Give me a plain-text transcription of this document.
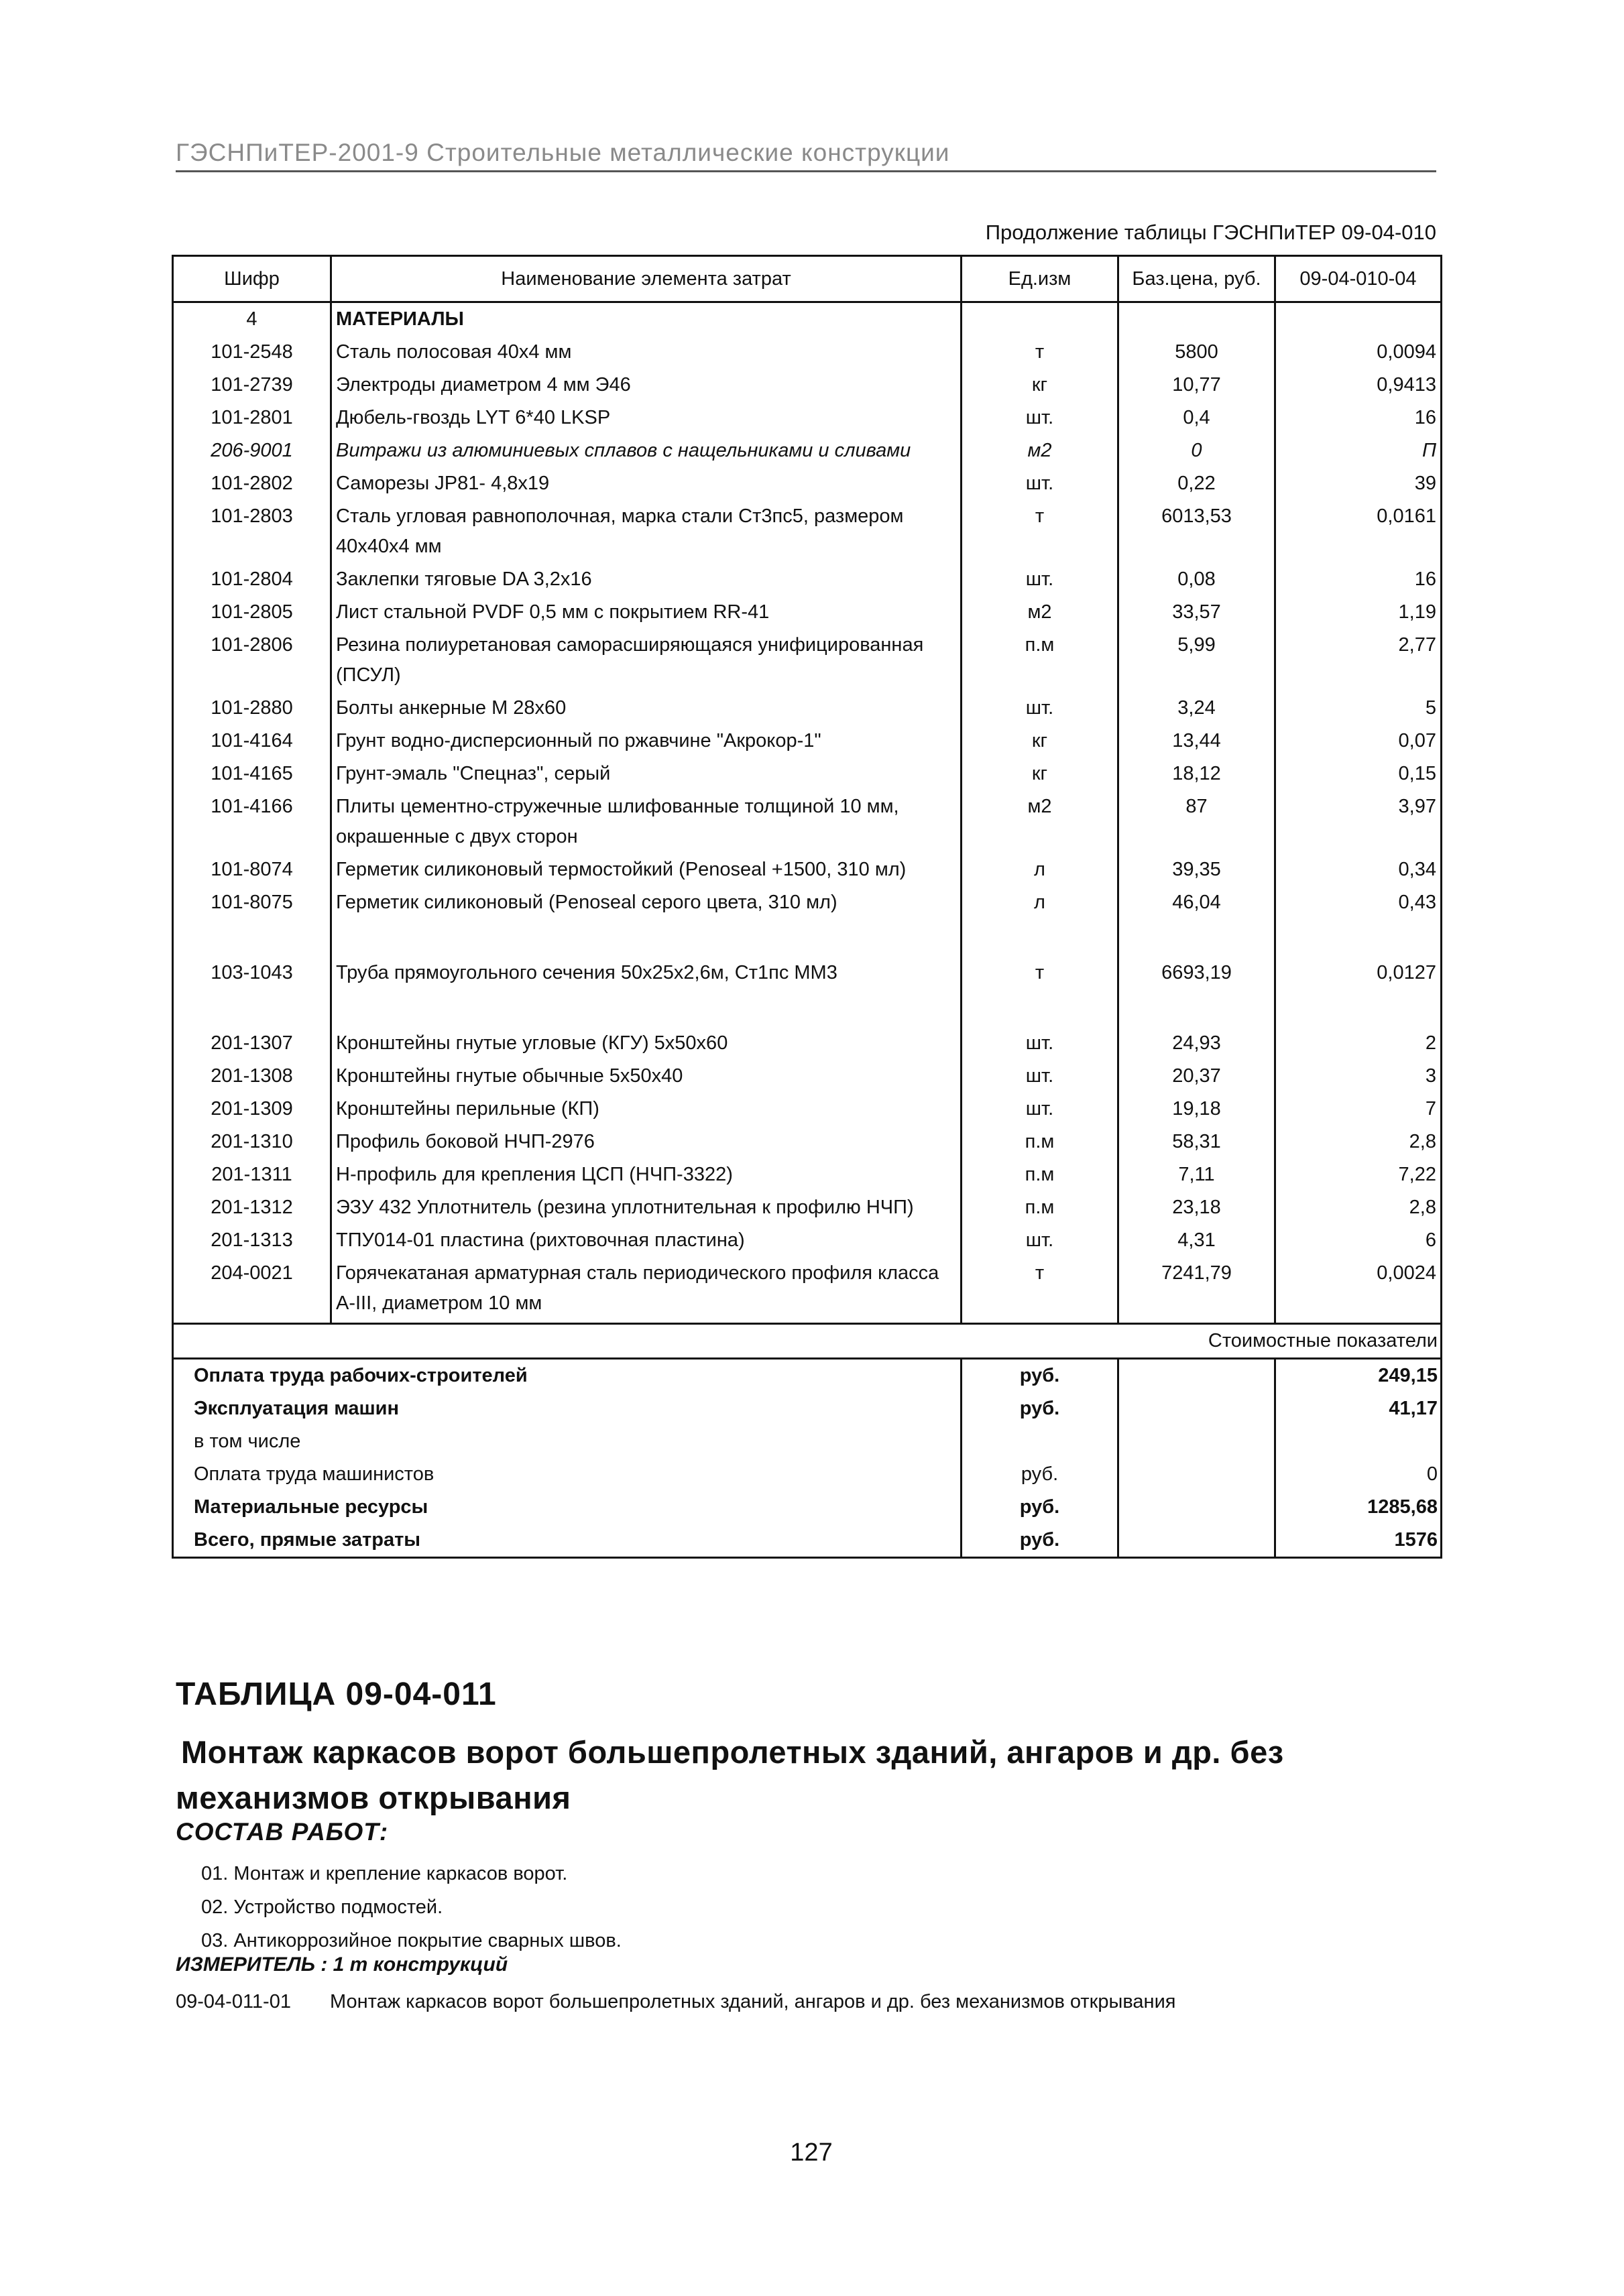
ГЭСНПиТЕР-2001-9 Строительные металлические конструкции
Продолжение таблицы ГЭСНПиТЕР 09-04-010
Шифр	Наименование элемента затрат	Ед.изм	Баз.цена, руб.	09-04-010-04
4	МАТЕРИАЛЫ			
101-2548	Сталь полосовая 40х4 мм	т	5800	0,0094
101-2739	Электроды диаметром 4 мм Э46	кг	10,77	0,9413
101-2801	Дюбель-гвоздь LYT 6*40 LKSP	шт.	0,4	16
206-9001	Витражи из алюминиевых сплавов с нащельниками и сливами	м2	0	П
101-2802	Саморезы JP81- 4,8х19	шт.	0,22	39
101-2803	Сталь угловая равнополочная, марка стали Ст3пс5, размером 40х40х4 мм	т	6013,53	0,0161
101-2804	Заклепки тяговые DA 3,2х16	шт.	0,08	16
101-2805	Лист стальной PVDF 0,5 мм с покрытием RR-41	м2	33,57	1,19
101-2806	Резина полиуретановая саморасширяющаяся унифицированная (ПСУЛ)	п.м	5,99	2,77
101-2880	Болты анкерные М 28х60	шт.	3,24	5
101-4164	Грунт водно-дисперсионный по ржавчине "Акрокор-1"	кг	13,44	0,07
101-4165	Грунт-эмаль "Спецназ", серый	кг	18,12	0,15
101-4166	Плиты цементно-стружечные шлифованные толщиной 10 мм, окрашенные с двух сторон	м2	87	3,97
101-8074	Герметик силиконовый термостойкий (Penoseal +1500, 310 мл)	л	39,35	0,34
101-8075	Герметик силиконовый (Penoseal серого цвета, 310 мл)	л	46,04	0,43

103-1043	Труба прямоугольного сечения 50х25х2,6м, Ст1пс ММ3	т	6693,19	0,0127

201-1307	Кронштейны гнутые угловые (КГУ) 5х50х60	шт.	24,93	2
201-1308	Кронштейны гнутые обычные 5х50х40	шт.	20,37	3
201-1309	Кронштейны перильные (КП)	шт.	19,18	7
201-1310	Профиль боковой НЧП-2976	п.м	58,31	2,8
201-1311	Н-профиль для крепления ЦСП (НЧП-3322)	п.м	7,11	7,22
201-1312	ЭЗУ 432 Уплотнитель (резина уплотнительная к профилю НЧП)	п.м	23,18	2,8
201-1313	ТПУ014-01 пластина (рихтовочная пластина)	шт.	4,31	6
204-0021	Горячекатаная арматурная сталь периодического профиля класса А-III, диаметром 10 мм	т	7241,79	0,0024
Стоимостные показатели				
Оплата труда рабочих-строителей		руб.		249,15
Эксплуатация машин		руб.		41,17
в том числе				
Оплата труда машинистов		руб.		0
Материальные ресурсы		руб.		1285,68
Всего, прямые затраты		руб.		1576
ТАБЛИЦА 09-04-011
Монтаж каркасов ворот большепролетных зданий, ангаров и др. без механизмов открывания
СОСТАВ РАБОТ:
01. Монтаж и крепление каркасов ворот.
02. Устройство подмостей.
03. Антикоррозийное покрытие сварных швов.
ИЗМЕРИТЕЛЬ : 1 т конструкций
09-04-011-01 Монтаж каркасов ворот большепролетных зданий, ангаров и др. без механизмов открывания
127
